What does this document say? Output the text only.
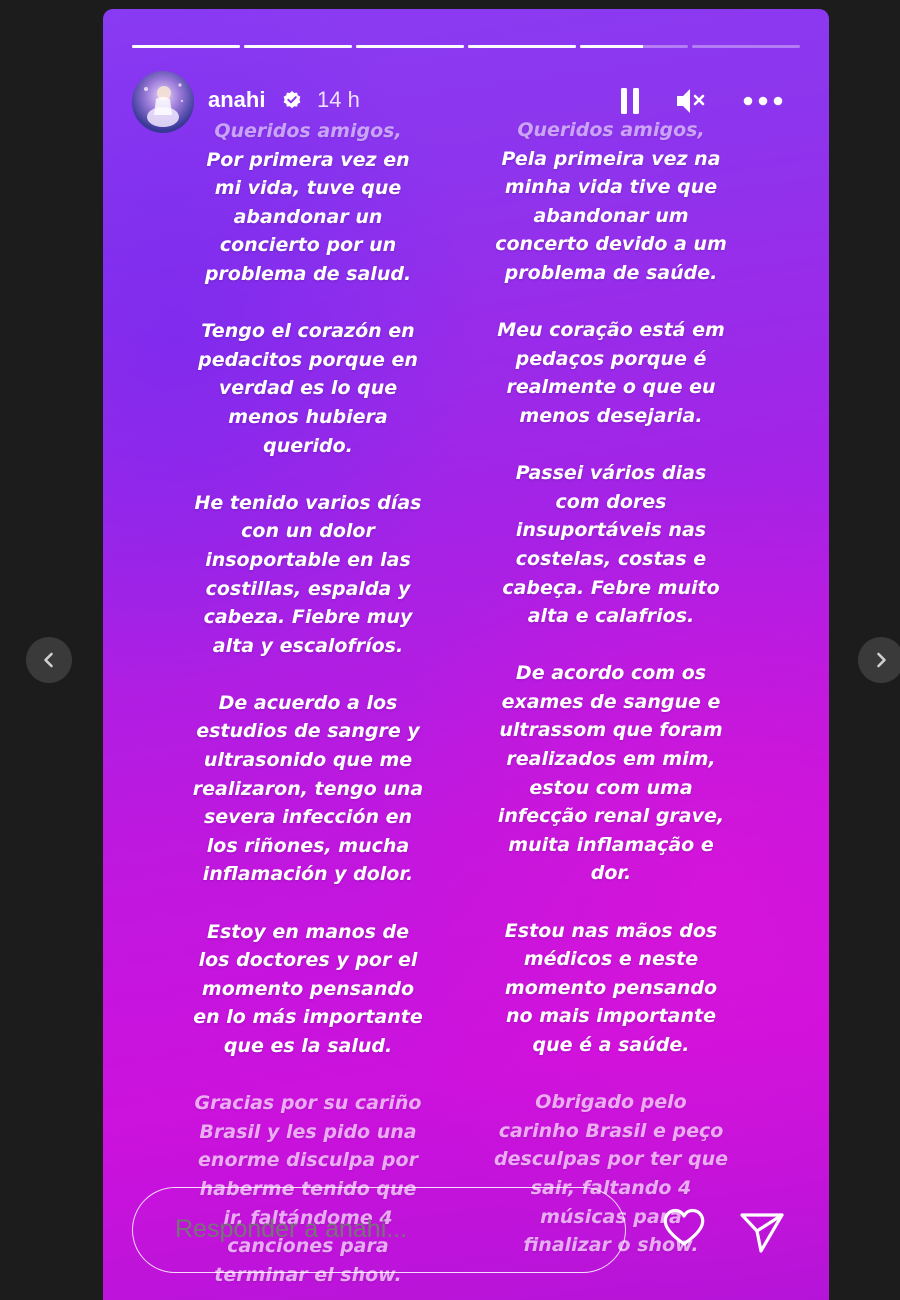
Queridos amigos,
Por primera vez en
mi vida, tuve que
abandonar un
concierto por un
problema de salud.
Tengo el corazón en
pedacitos porque en
verdad es lo que
menos hubiera
querido.
He tenido varios días
con un dolor
insoportable en las
costillas, espalda y
cabeza. Fiebre muy
alta y escalofríos.
De acuerdo a los
estudios de sangre y
ultrasonido que me
realizaron, tengo una
severa infección en
los riñones, mucha
inflamación y dolor.
Estoy en manos de
los doctores y por el
momento pensando
en lo más importante
que es la salud.
Gracias por su cariño
Brasil y les pido una
enorme disculpa por
haberme tenido que
ir, faltándome 4
canciones para
terminar el show.
Queridos amigos,
Pela primeira vez na
minha vida tive que
abandonar um
concerto devido a um
problema de saúde.
Meu coração está em
pedaços porque é
realmente o que eu
menos desejaria.
Passei vários dias
com dores
insuportáveis nas
costelas, costas e
cabeça. Febre muito
alta e calafrios.
De acordo com os
exames de sangue e
ultrassom que foram
realizados em mim,
estou com uma
infecção renal grave,
muita inflamação e
dor.
Estou nas mãos dos
médicos e neste
momento pensando
no mais importante
que é a saúde.
Obrigado pelo
carinho Brasil e peço
desculpas por ter que
sair, faltando 4
músicas para
finalizar o show.
anahi 14 h
Responder a anahi...
